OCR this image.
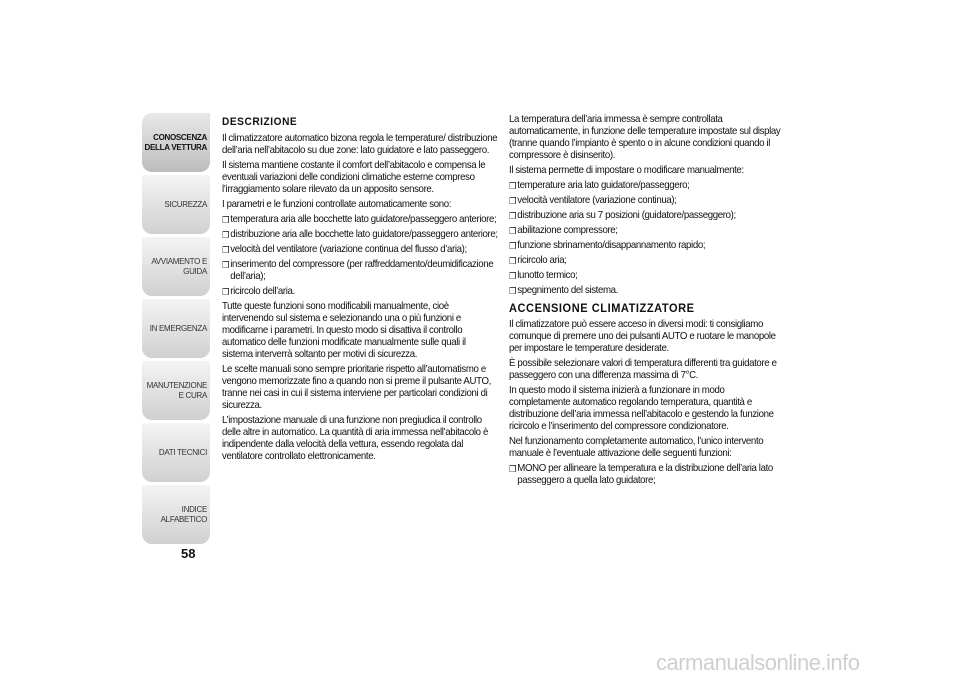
CONOSCENZA DELLA VETTURA
SICUREZZA
AVVIAMENTO E GUIDA
IN EMERGENZA
MANUTENZIONE E CURA
DATI TECNICI
INDICE ALFABETICO
58
DESCRIZIONE

Il climatizzatore automatico bizona regola le temperature/ distribuzione dell’aria nell’abitacolo su due zone: lato guidatore e lato passeggero.

Il sistema mantiene costante il comfort dell’abitacolo e compensa le eventuali variazioni delle condizioni climatiche esterne compreso l’irraggiamento solare rilevato da un apposito sensore.

I parametri e le funzioni controllate automaticamente sono:

❒ temperatura aria alle bocchette lato guidatore/passeggero anteriore;
❒ distribuzione aria alle bocchette lato guidatore/passeggero anteriore;
❒ velocità del ventilatore (variazione continua del flusso d’aria);
❒ inserimento del compressore (per raffreddamento/deumidificazione dell’aria);
❒ ricircolo dell’aria.

Tutte queste funzioni sono modificabili manualmente, cioè intervenendo sul sistema e selezionando una o più funzioni e modificarne i parametri. In questo modo si disattiva il controllo automatico delle funzioni modificate manualmente sulle quali il sistema interverrà soltanto per motivi di sicurezza.

Le scelte manuali sono sempre prioritarie rispetto all’automatismo e vengono memorizzate fino a quando non si preme il pulsante AUTO, tranne nei casi in cui il sistema interviene per particolari condizioni di sicurezza.

L’impostazione manuale di una funzione non pregiudica il controllo delle altre in automatico. La quantità di aria immessa nell’abitacolo è indipendente dalla velocità della vettura, essendo regolata dal ventilatore controllato elettronicamente.

La temperatura dell’aria immessa è sempre controllata automaticamente, in funzione delle temperature impostate sul display (tranne quando l’impianto è spento o in alcune condizioni quando il compressore è disinserito).

Il sistema permette di impostare o modificare manualmente:

❒ temperature aria lato guidatore/passeggero;
❒ velocità ventilatore (variazione continua);
❒ distribuzione aria su 7 posizioni (guidatore/passeggero);
❒ abilitazione compressore;
❒ funzione sbrinamento/disappannamento rapido;
❒ ricircolo aria;
❒ lunotto termico;
❒ spegnimento del sistema.
ACCENSIONE CLIMATIZZATORE

Il climatizzatore può essere acceso in diversi modi: ti consigliamo comunque di premere uno dei pulsanti AUTO e ruotare le manopole per impostare le temperature desiderate.

È possibile selezionare valori di temperatura differenti tra guidatore e passeggero con una differenza massima di 7°C.

In questo modo il sistema inizierà a funzionare in modo completamente automatico regolando temperatura, quantità e distribuzione dell’aria immessa nell’abitacolo e gestendo la funzione ricircolo e l’inserimento del compressore condizionatore.

Nel funzionamento completamente automatico, l’unico intervento manuale è l’eventuale attivazione delle seguenti funzioni:

❒ MONO per allineare la temperatura e la distribuzione dell’aria lato passeggero a quella lato guidatore;
carmanualsonline.info
